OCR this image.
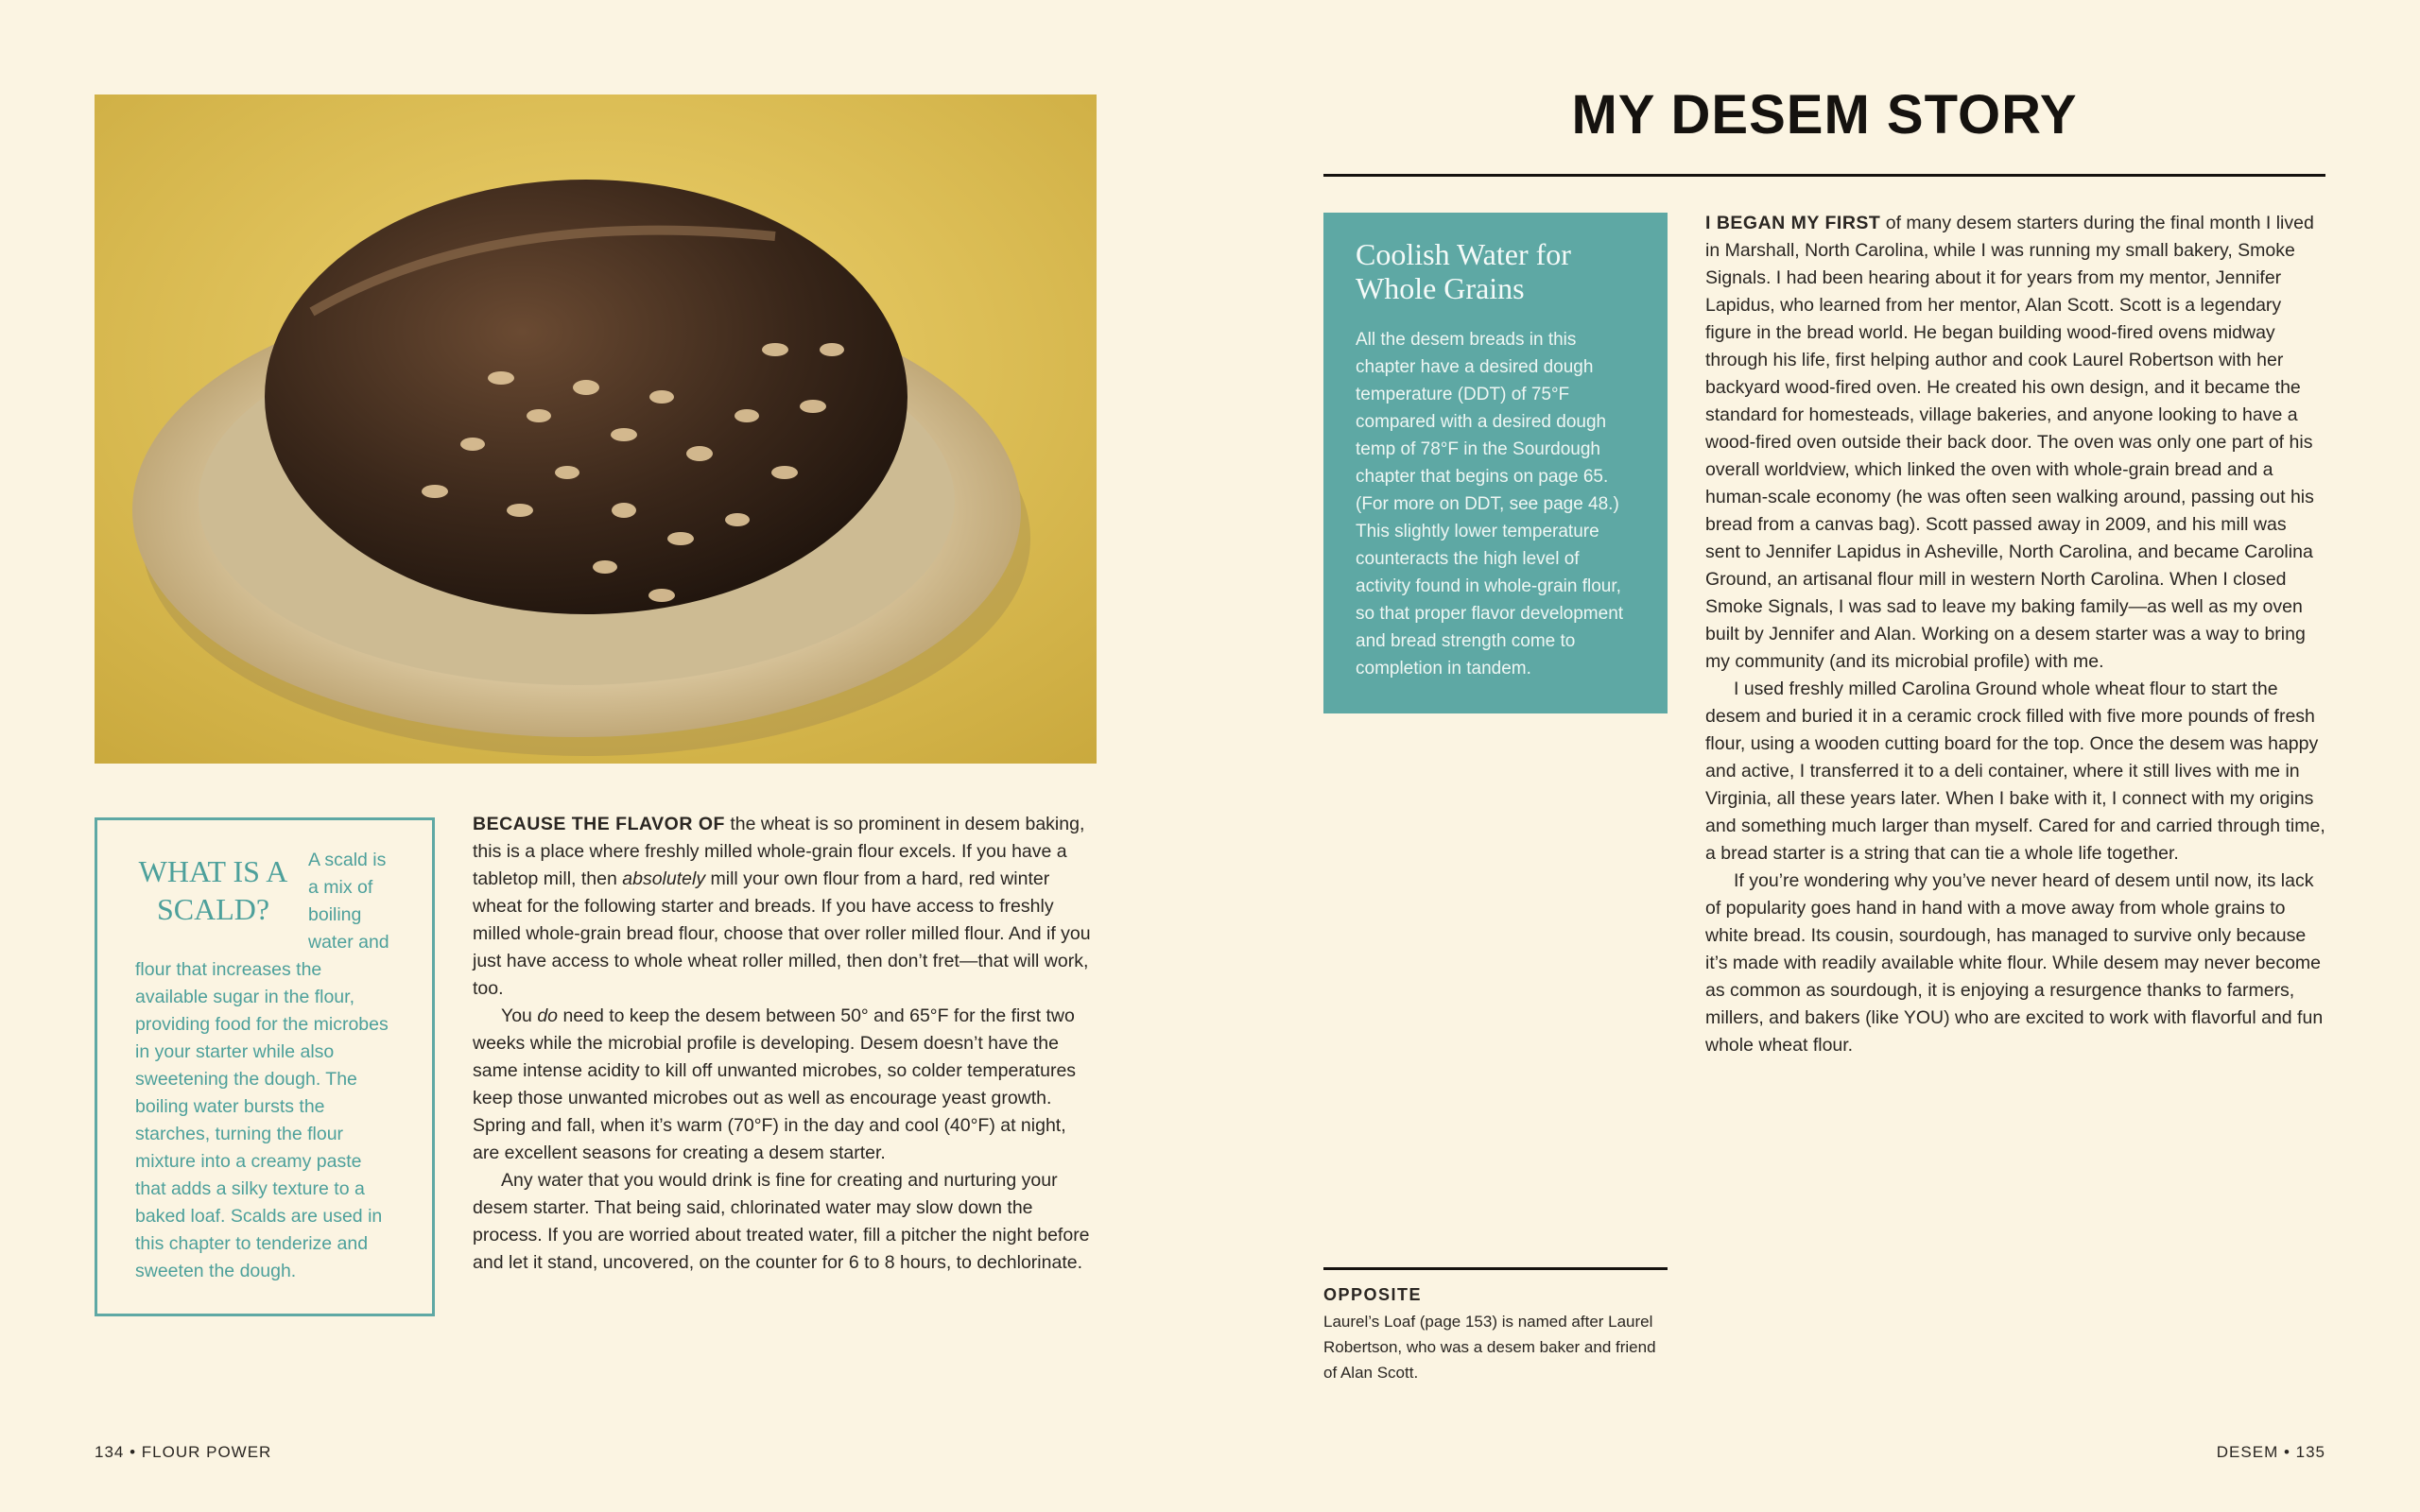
WHAT IS A SCALD?
A scald is a mix of boiling water and flour that increases the available sugar in the flour, providing food for the microbes in your starter while also sweetening the dough. The boiling water bursts the starches, turning the flour mixture into a creamy paste that adds a silky texture to a baked loaf. Scalds are used in this chapter to tenderize and sweeten the dough.

BECAUSE THE FLAVOR OF the wheat is so prominent in desem baking, this is a place where freshly milled whole-grain flour excels. If you have a tabletop mill, then absolutely mill your own flour from a hard, red winter wheat for the following starter and breads. If you have access to freshly milled whole-grain bread flour, choose that over roller milled flour. And if you just have access to whole wheat roller milled, then don’t fret—that will work, too.

You do need to keep the desem between 50° and 65°F for the first two weeks while the microbial profile is developing. Desem doesn’t have the same intense acidity to kill off unwanted microbes, so colder temperatures keep those unwanted microbes out as well as encourage yeast growth. Spring and fall, when it’s warm (70°F) in the day and cool (40°F) at night, are excellent seasons for creating a desem starter.

Any water that you would drink is fine for creating and nurturing your desem starter. That being said, chlorinated water may slow down the process. If you are worried about treated water, fill a pitcher the night before and let it stand, uncovered, on the counter for 6 to 8 hours, to dechlorinate.

MY DESEM STORY
Coolish Water for Whole Grains
All the desem breads in this chapter have a desired dough temperature (DDT) of 75°F compared with a desired dough temp of 78°F in the Sourdough chapter that begins on page 65. (For more on DDT, see page 48.) This slightly lower temperature counteracts the high level of activity found in whole-grain flour, so that proper flavor development and bread strength come to completion in tandem.
OPPOSITE
Laurel’s Loaf (page 153) is named after Laurel Robertson, who was a desem baker and friend of Alan Scott.

I BEGAN MY FIRST of many desem starters during the final month I lived in Marshall, North Carolina, while I was running my small bakery, Smoke Signals. I had been hearing about it for years from my mentor, Jennifer Lapidus, who learned from her mentor, Alan Scott. Scott is a legendary figure in the bread world. He began building wood-fired ovens midway through his life, first helping author and cook Laurel Robertson with her backyard wood-fired oven. He created his own design, and it became the standard for homesteads, village bakeries, and anyone looking to have a wood-fired oven outside their back door. The oven was only one part of his overall worldview, which linked the oven with whole-grain bread and a human-scale economy (he was often seen walking around, passing out his bread from a canvas bag). Scott passed away in 2009, and his mill was sent to Jennifer Lapidus in Asheville, North Carolina, and became Carolina Ground, an artisanal flour mill in western North Carolina. When I closed Smoke Signals, I was sad to leave my baking family—as well as my oven built by Jennifer and Alan. Working on a desem starter was a way to bring my community (and its microbial profile) with me.

I used freshly milled Carolina Ground whole wheat flour to start the desem and buried it in a ceramic crock filled with five more pounds of fresh flour, using a wooden cutting board for the top. Once the desem was happy and active, I transferred it to a deli container, where it still lives with me in Virginia, all these years later. When I bake with it, I connect with my origins and something much larger than myself. Cared for and carried through time, a bread starter is a string that can tie a whole life together.

If you’re wondering why you’ve never heard of desem until now, its lack of popularity goes hand in hand with a move away from whole grains to white bread. Its cousin, sourdough, has managed to survive only because it’s made with readily available white flour. While desem may never become as common as sourdough, it is enjoying a resurgence thanks to farmers, millers, and bakers (like YOU) who are excited to work with flavorful and fun whole wheat flour.

134 • FLOUR POWER	DESEM • 135
